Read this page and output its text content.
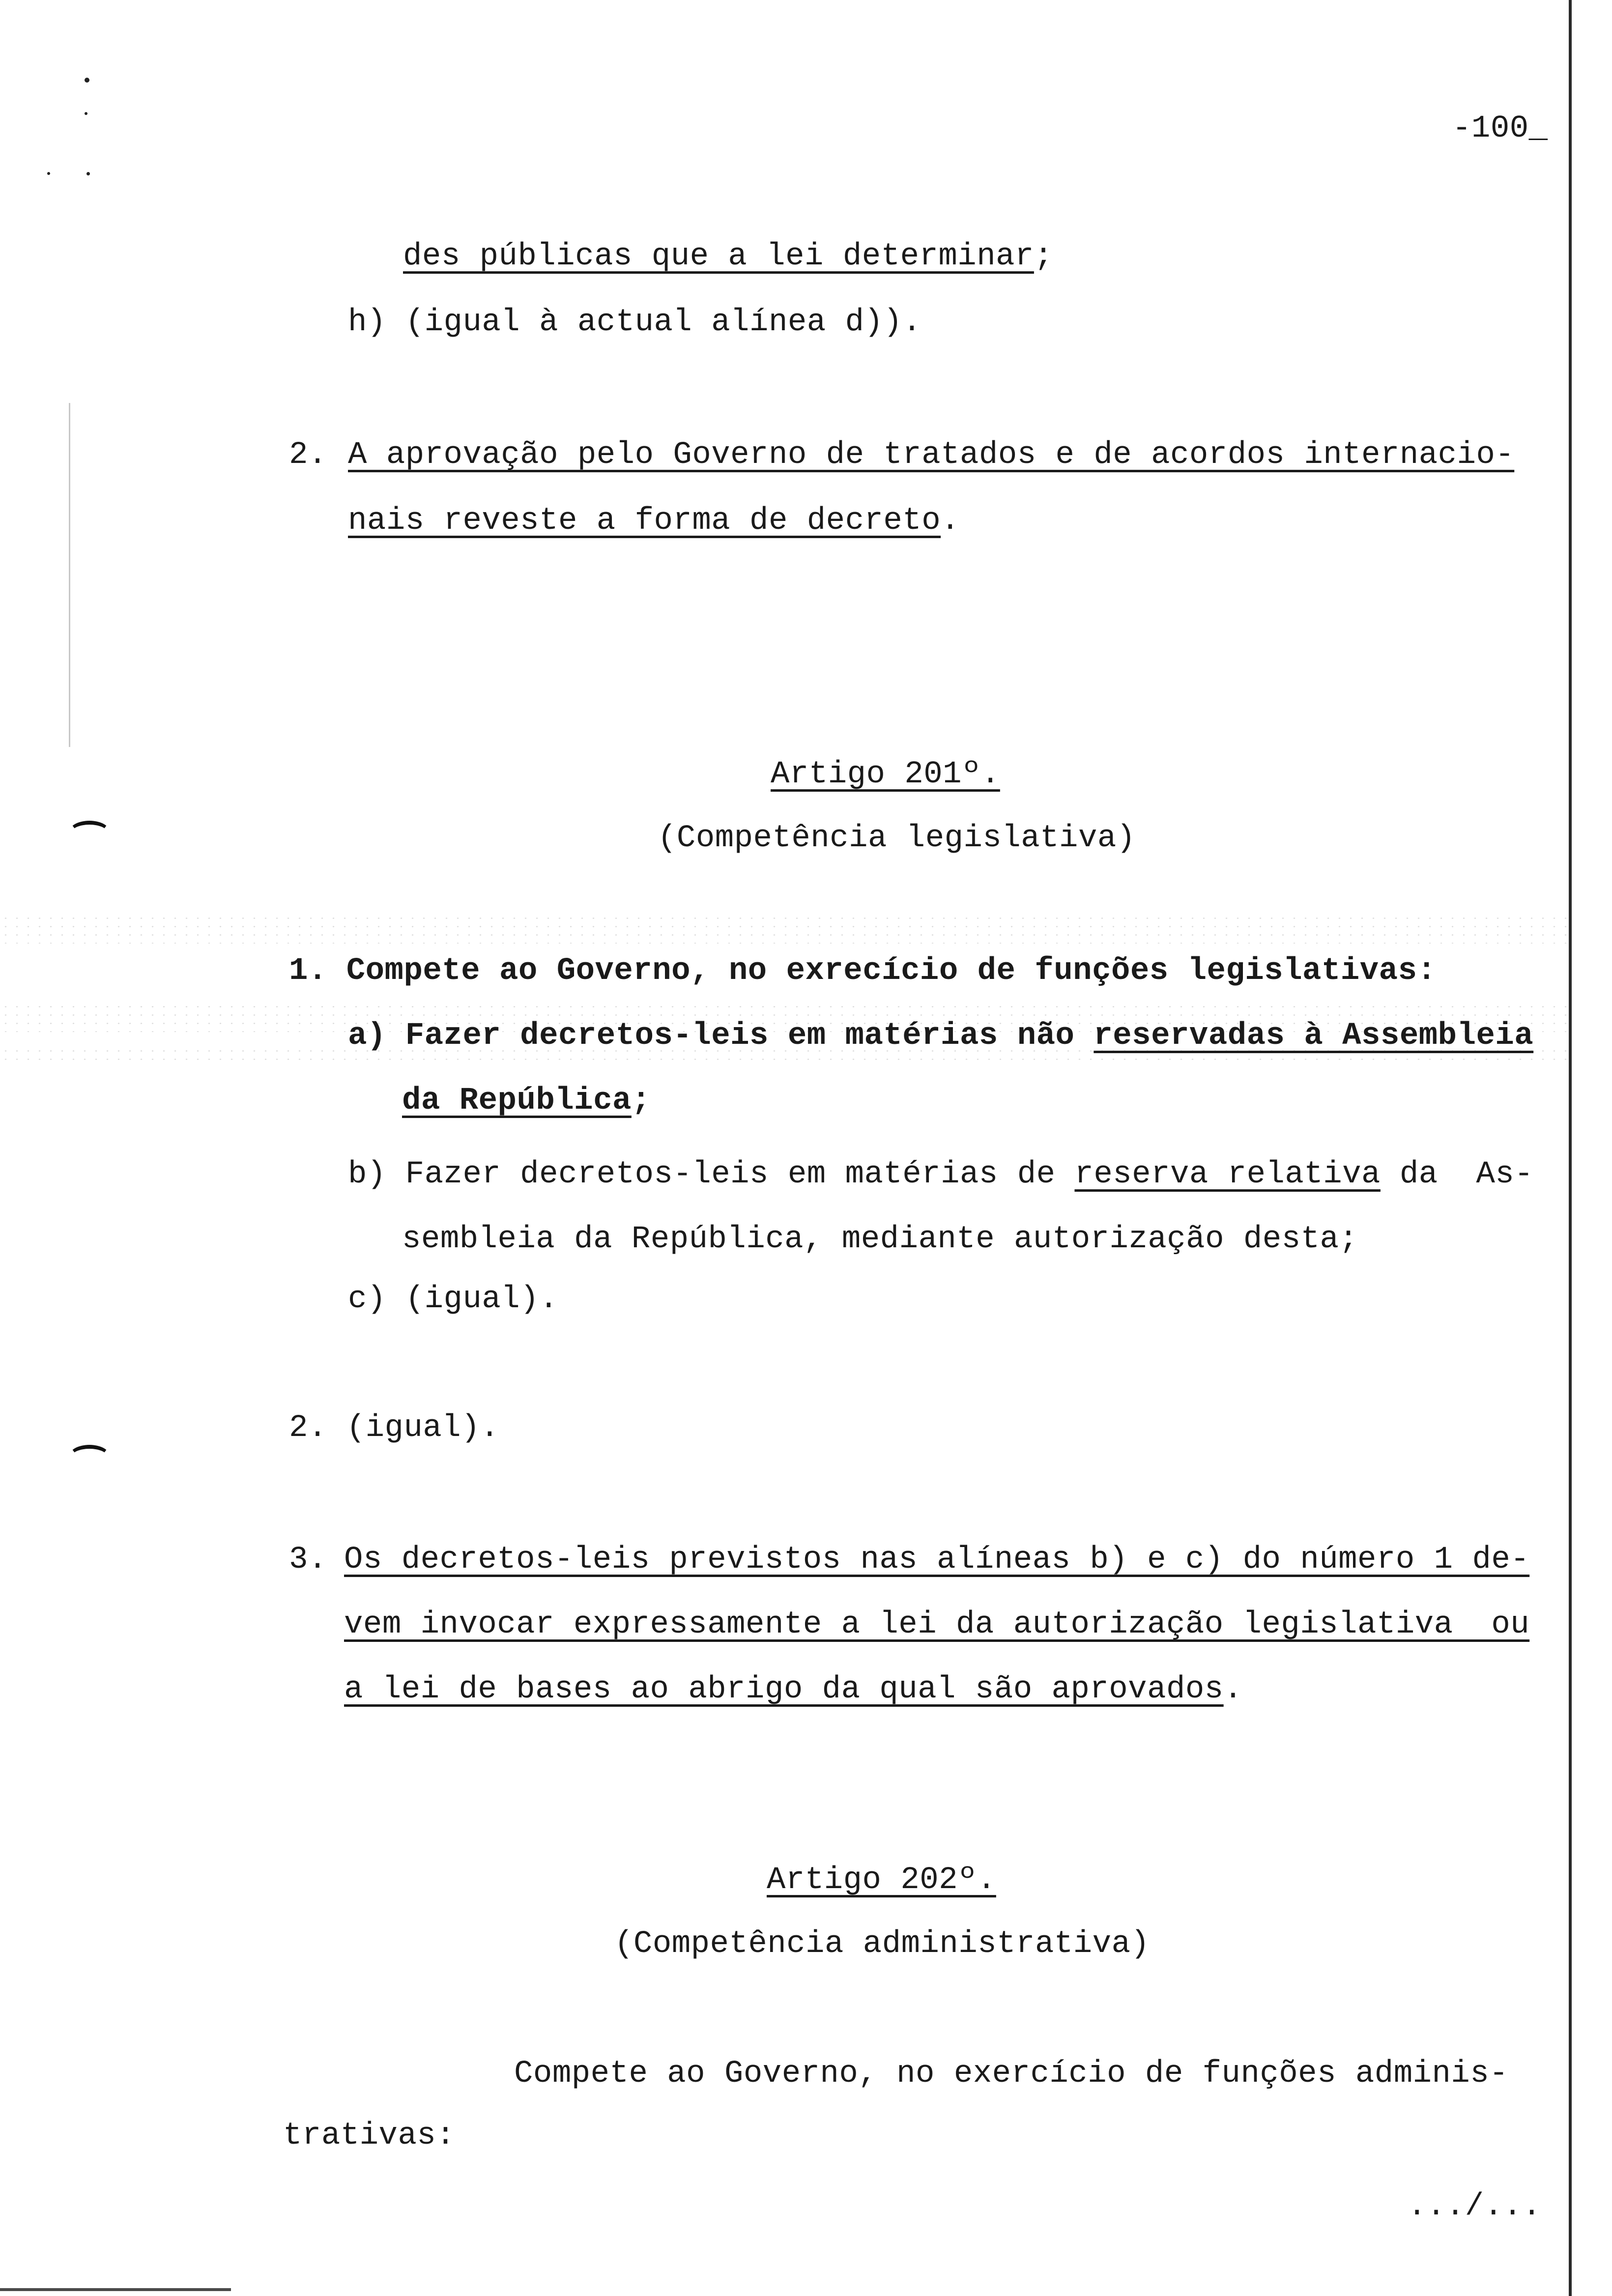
-100_
des públicas que a lei determinar;
h) (igual à actual alínea d)).
2. A aprovação pelo Governo de tratados e de acordos internacio-
nais reveste a forma de decreto.
Artigo 201º.
(Competência legislativa)
1. Compete ao Governo, no exrecício de funções legislativas:
a) Fazer decretos-leis em matérias não reservadas à Assembleia
da República;
b) Fazer decretos-leis em matérias de reserva relativa da  As-
sembleia da República, mediante autorização desta;
c) (igual).
2. (igual).
3. Os decretos-leis previstos nas alíneas b) e c) do número 1 de-
vem invocar expressamente a lei da autorização legislativa  ou
a lei de bases ao abrigo da qual são aprovados.
Artigo 202º.
(Competência administrativa)
Compete ao Governo, no exercício de funções adminis-
trativas:
.../...
